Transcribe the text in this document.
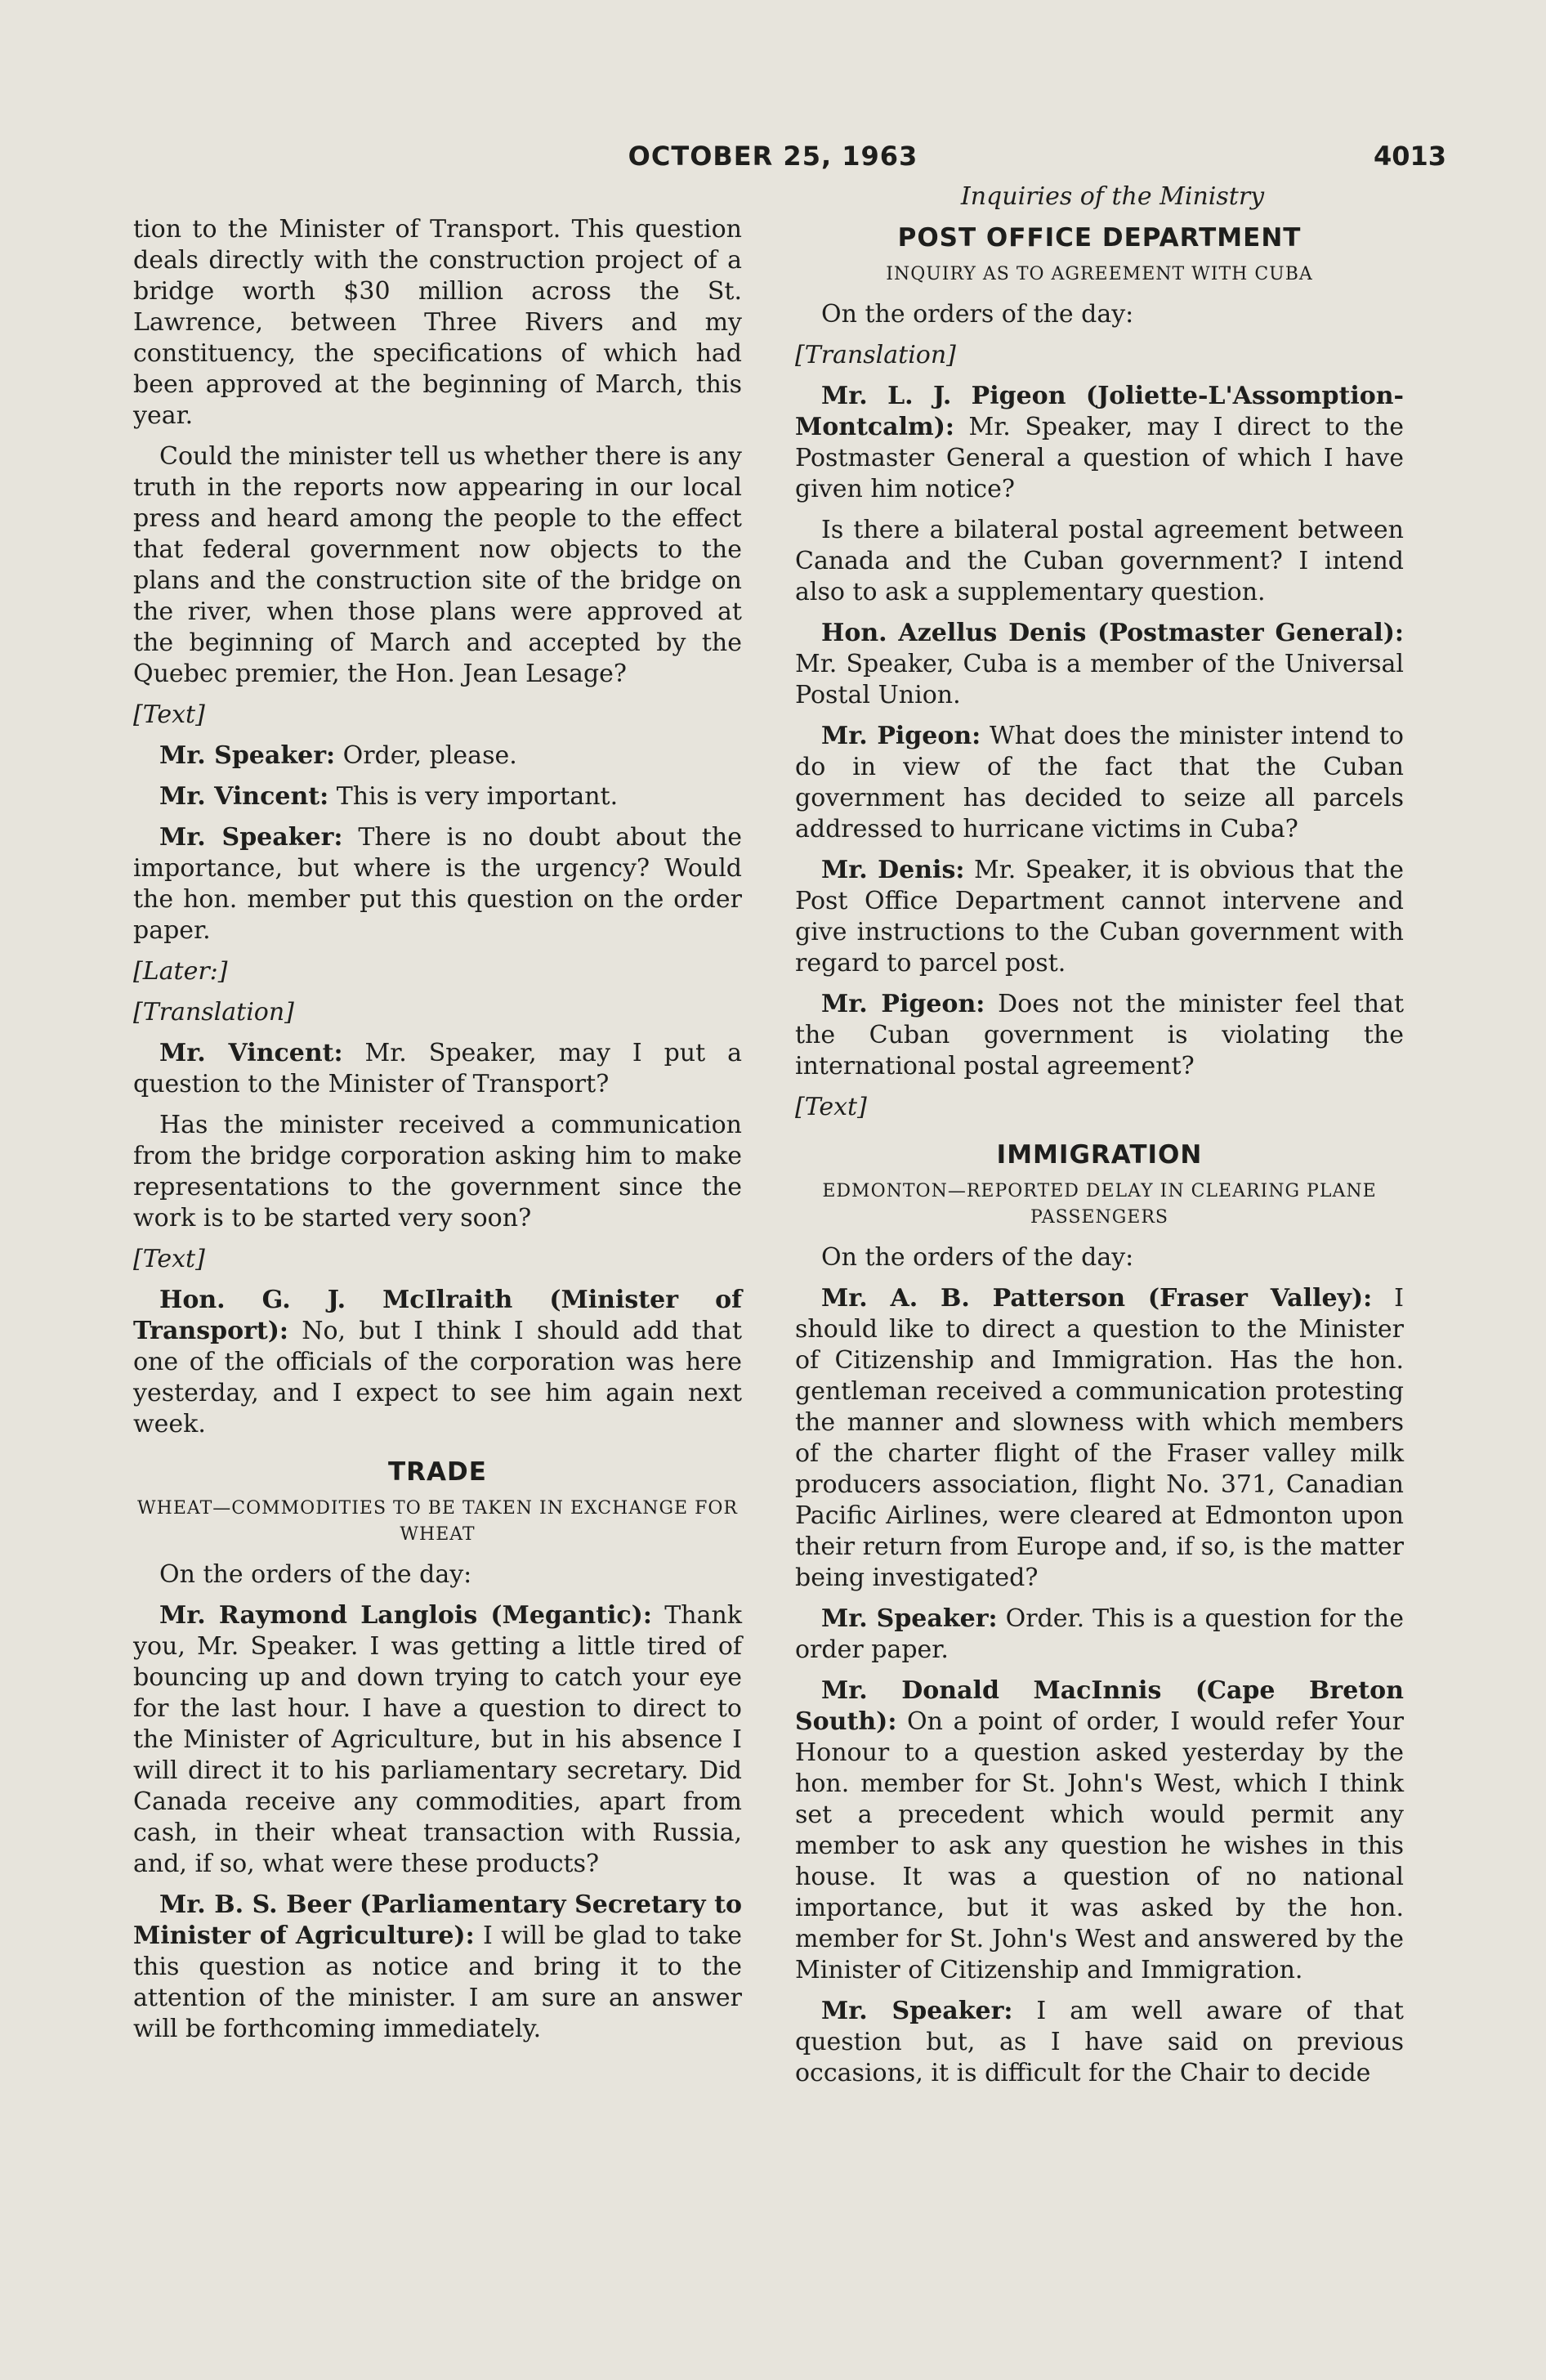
OCTOBER 25, 1963	4013

tion to the Minister of Transport. This question deals directly with the construction project of a bridge worth $30 million across the St. Lawrence, between Three Rivers and my constituency, the specifications of which had been approved at the beginning of March, this year.

Could the minister tell us whether there is any truth in the reports now appearing in our local press and heard among the people to the effect that federal government now objects to the plans and the construction site of the bridge on the river, when those plans were approved at the beginning of March and accepted by the Quebec premier, the Hon. Jean Lesage?

[Text]

Mr. Speaker: Order, please.

Mr. Vincent: This is very important.

Mr. Speaker: There is no doubt about the importance, but where is the urgency? Would the hon. member put this question on the order paper.

[Later:]

[Translation]

Mr. Vincent: Mr. Speaker, may I put a question to the Minister of Transport?

Has the minister received a communication from the bridge corporation asking him to make representations to the government since the work is to be started very soon?

[Text]

Hon. G. J. McIlraith (Minister of Transport): No, but I think I should add that one of the officials of the corporation was here yesterday, and I expect to see him again next week.

TRADE
WHEAT—COMMODITIES TO BE TAKEN IN EXCHANGE FOR WHEAT

On the orders of the day:

Mr. Raymond Langlois (Megantic): Thank you, Mr. Speaker. I was getting a little tired of bouncing up and down trying to catch your eye for the last hour. I have a question to direct to the Minister of Agriculture, but in his absence I will direct it to his parliamentary secretary. Did Canada receive any commodities, apart from cash, in their wheat transaction with Russia, and, if so, what were these products?

Mr. B. S. Beer (Parliamentary Secretary to Minister of Agriculture): I will be glad to take this question as notice and bring it to the attention of the minister. I am sure an answer will be forthcoming immediately.

Inquiries of the Ministry

POST OFFICE DEPARTMENT
INQUIRY AS TO AGREEMENT WITH CUBA

On the orders of the day:

[Translation]

Mr. L. J. Pigeon (Joliette-L'Assomption-Montcalm): Mr. Speaker, may I direct to the Postmaster General a question of which I have given him notice?

Is there a bilateral postal agreement between Canada and the Cuban government? I intend also to ask a supplementary question.

Hon. Azellus Denis (Postmaster General): Mr. Speaker, Cuba is a member of the Universal Postal Union.

Mr. Pigeon: What does the minister intend to do in view of the fact that the Cuban government has decided to seize all parcels addressed to hurricane victims in Cuba?

Mr. Denis: Mr. Speaker, it is obvious that the Post Office Department cannot intervene and give instructions to the Cuban government with regard to parcel post.

Mr. Pigeon: Does not the minister feel that the Cuban government is violating the international postal agreement?

[Text]

IMMIGRATION
EDMONTON—REPORTED DELAY IN CLEARING PLANE PASSENGERS

On the orders of the day:

Mr. A. B. Patterson (Fraser Valley): I should like to direct a question to the Minister of Citizenship and Immigration. Has the hon. gentleman received a communication protesting the manner and slowness with which members of the charter flight of the Fraser valley milk producers association, flight No. 371, Canadian Pacific Airlines, were cleared at Edmonton upon their return from Europe and, if so, is the matter being investigated?

Mr. Speaker: Order. This is a question for the order paper.

Mr. Donald MacInnis (Cape Breton South): On a point of order, I would refer Your Honour to a question asked yesterday by the hon. member for St. John's West, which I think set a precedent which would permit any member to ask any question he wishes in this house. It was a question of no national importance, but it was asked by the hon. member for St. John's West and answered by the Minister of Citizenship and Immigration.

Mr. Speaker: I am well aware of that question but, as I have said on previous occasions, it is difficult for the Chair to decide
